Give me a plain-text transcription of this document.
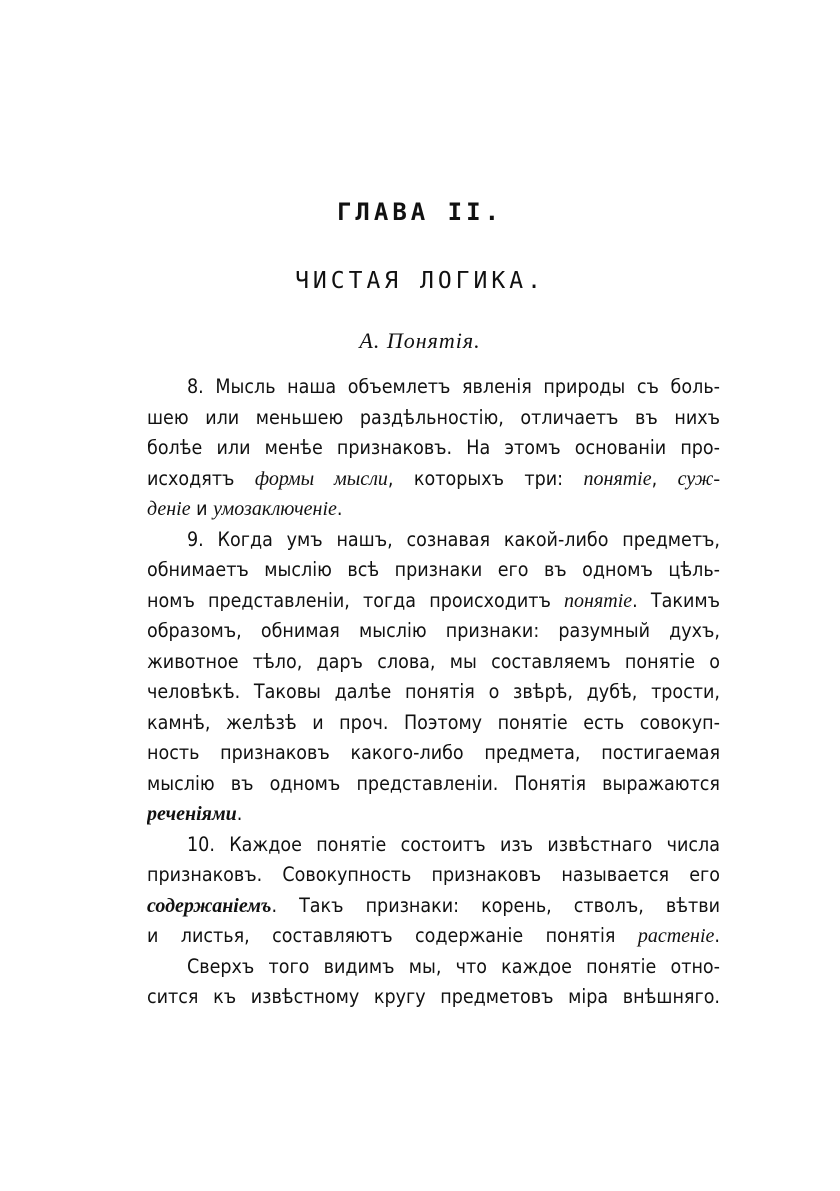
ГЛАВА II.
ЧИСТАЯ ЛОГИКА.
А. Понятія.
8. Мысль наша объемлетъ явленія природы съ боль-
шею или меньшею раздѣльностію, отличаетъ въ нихъ
болѣе или менѣе признаковъ. На этомъ основаніи про-
исходятъ формы мысли, которыхъ три: понятіе, суж-
деніе и умозаключеніе.
9. Когда умъ нашъ, сознавая какой-либо предметъ,
обнимаетъ мыслію всѣ признаки его въ одномъ цѣль-
номъ представленіи, тогда происходитъ понятіе. Такимъ
образомъ, обнимая мыслію признаки: разумный духъ,
животное тѣло, даръ слова, мы составляемъ понятіе о
человѣкѣ. Таковы далѣе понятія о звѣрѣ, дубѣ, трости,
камнѣ, желѣзѣ и проч. Поэтому понятіе есть совокуп-
ность признаковъ какого-либо предмета, постигаемая
мыслію въ одномъ представленіи. Понятія выражаются
реченіями.
10. Каждое понятіе состоитъ изъ извѣстнаго числа
признаковъ. Совокупность признаковъ называется его
содержаніемъ. Такъ признаки: корень, стволъ, вѣтви
и листья, составляютъ содержаніе понятія растеніе.
Сверхъ того видимъ мы, что каждое понятіе отно-
сится къ извѣстному кругу предметовъ міра внѣшняго.
